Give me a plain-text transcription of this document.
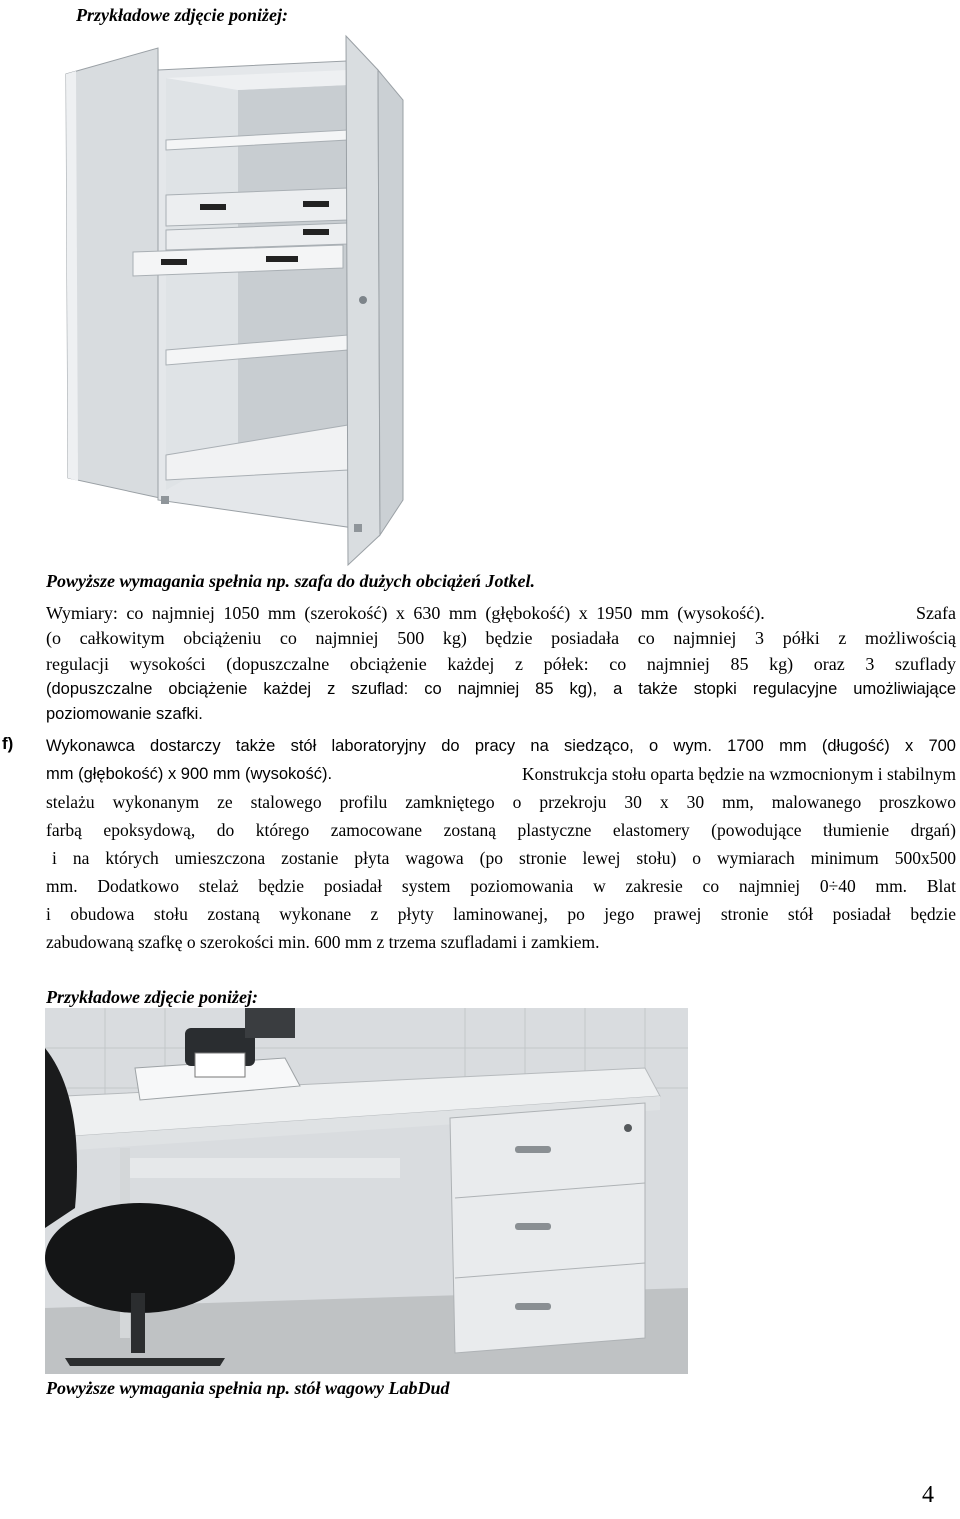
Przykładowe zdjęcie poniżej:
Powyższe wymagania spełnia np. szafa do dużych obciążeń Jotkel.
Wymiary: co najmniej 1050 mm (szerokość) x 630 mm (głębokość) x 1950 mm (wysokość).	Szafa
(o całkowitym obciążeniu co najmniej 500 kg) będzie posiadała co najmniej 3 półki z możliwością
regulacji wysokości (dopuszczalne obciążenie każdej z półek: co najmniej 85 kg) oraz 3 szuflady
(dopuszczalne obciążenie każdej z szuflad: co najmniej 85 kg), a także stopki regulacyjne umożliwiające
poziomowanie szafki.
f) Wykonawca dostarczy także stół laboratoryjny do pracy na siedząco, o wym. 1700 mm (długość) x 700
mm (głębokość) x 900 mm (wysokość).	Konstrukcja stołu oparta będzie na wzmocnionym i stabilnym
stelażu wykonanym ze stalowego profilu zamkniętego o przekroju 30 x 30 mm, malowanego proszkowo
farbą epoksydową, do którego zamocowane zostaną plastyczne elastomery (powodujące tłumienie drgań)
i na których umieszczona zostanie płyta wagowa (po stronie lewej stołu) o wymiarach minimum 500x500
mm. Dodatkowo stelaż będzie posiadał system poziomowania w zakresie co najmniej 0÷40 mm. Blat
i obudowa stołu zostaną wykonane z płyty laminowanej, po jego prawej stronie stół posiadał będzie
zabudowaną szafkę o szerokości min. 600 mm z trzema szufladami i zamkiem.
Przykładowe zdjęcie poniżej:
Powyższe wymagania spełnia np. stół wagowy LabDud
4
